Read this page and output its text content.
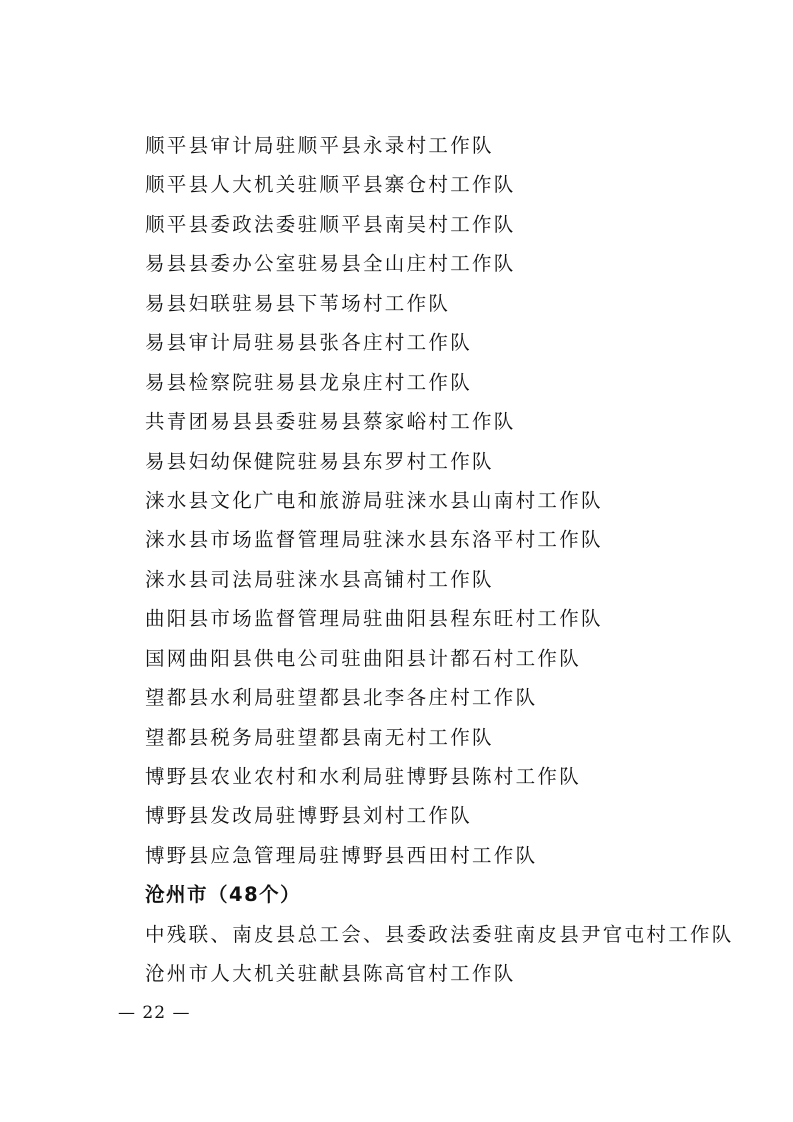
顺平县审计局驻顺平县永录村工作队
顺平县人大机关驻顺平县寨仓村工作队
顺平县委政法委驻顺平县南吴村工作队
易县县委办公室驻易县全山庄村工作队
易县妇联驻易县下苇场村工作队
易县审计局驻易县张各庄村工作队
易县检察院驻易县龙泉庄村工作队
共青团易县县委驻易县蔡家峪村工作队
易县妇幼保健院驻易县东罗村工作队
涞水县文化广电和旅游局驻涞水县山南村工作队
涞水县市场监督管理局驻涞水县东洛平村工作队
涞水县司法局驻涞水县高铺村工作队
曲阳县市场监督管理局驻曲阳县程东旺村工作队
国网曲阳县供电公司驻曲阳县计都石村工作队
望都县水利局驻望都县北李各庄村工作队
望都县税务局驻望都县南无村工作队
博野县农业农村和水利局驻博野县陈村工作队
博野县发改局驻博野县刘村工作队
博野县应急管理局驻博野县西田村工作队
沧州市（48个）
中残联、南皮县总工会、县委政法委驻南皮县尹官屯村工作队
沧州市人大机关驻献县陈高官村工作队
— 22 —
